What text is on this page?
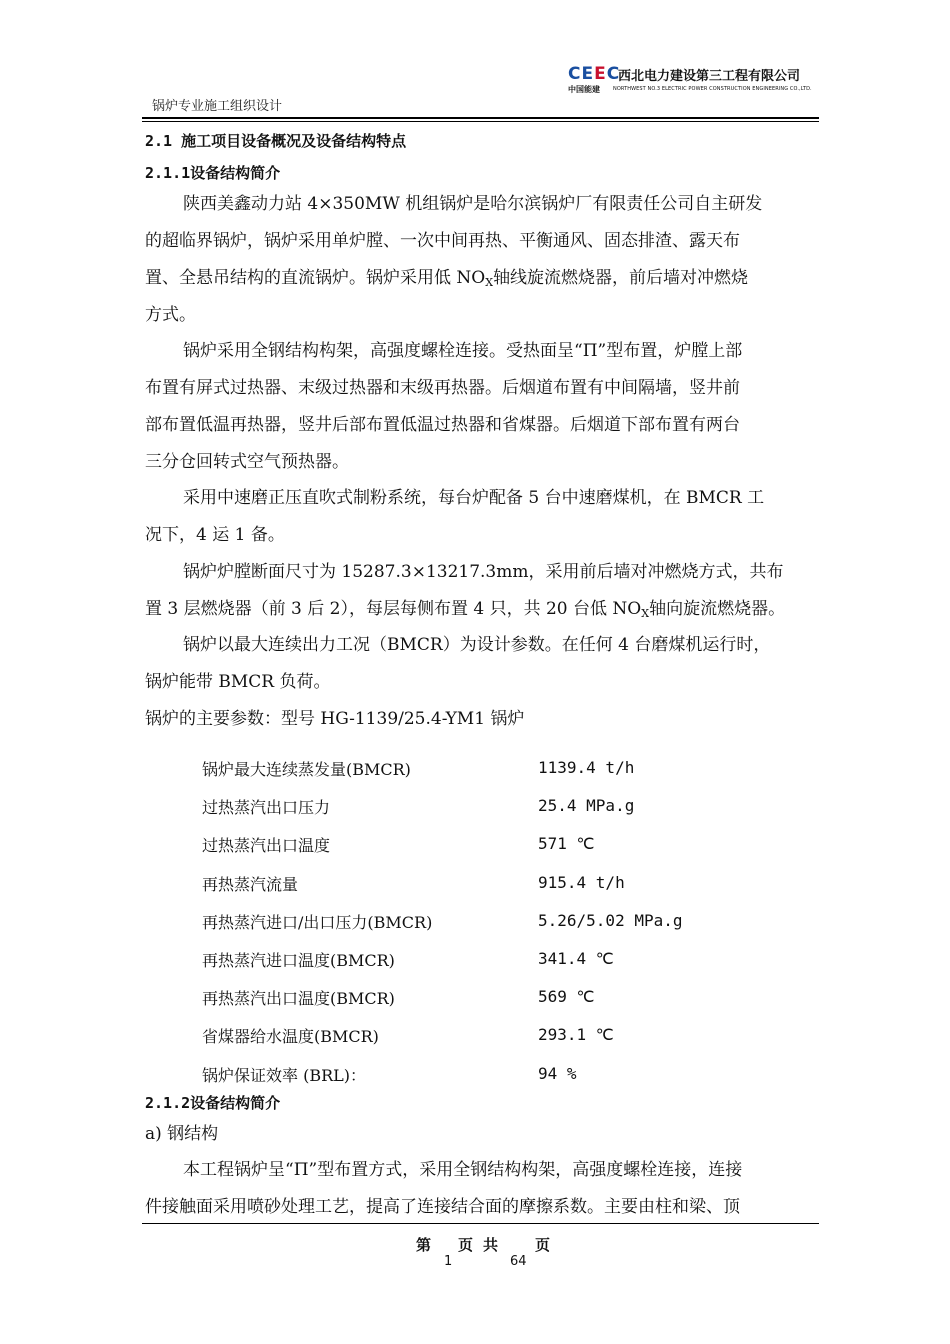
锅炉专业施工组织设计
CEEC
西北电力建设第三工程有限公司
中国能建	NORTHWEST NO.3 ELECTRIC POWER CONSTRUCTION ENGINEERING CO.,LTD.
2.1 施工项目设备概况及设备结构特点
2.1.1设备结构简介
陕西美鑫动力站 4×350MW 机组锅炉是哈尔滨锅炉厂有限责任公司自主研发
的超临界锅炉，锅炉采用单炉膛、一次中间再热、平衡通风、固态排渣、露天布
置、全悬吊结构的直流锅炉。锅炉采用低 $NO_X$轴线旋流燃烧器，前后墙对冲燃烧
方式。
锅炉采用全钢结构构架，高强度螺栓连接。受热面呈“Π”型布置，炉膛上部
布置有屏式过热器、末级过热器和末级再热器。后烟道布置有中间隔墙，竖井前
部布置低温再热器，竖井后部布置低温过热器和省煤器。后烟道下部布置有两台
三分仓回转式空气预热器。
采用中速磨正压直吹式制粉系统，每台炉配备 5 台中速磨煤机，在 BMCR 工
况下，4 运 1 备。
锅炉炉膛断面尺寸为 15287.3×13217.3mm，采用前后墙对冲燃烧方式，共布
置 3 层燃烧器（前 3 后 2），每层每侧布置 4 只，共 20 台低 $NO_X$轴向旋流燃烧器。
锅炉以最大连续出力工况（BMCR）为设计参数。在任何 4 台磨煤机运行时，
锅炉能带 BMCR 负荷。
锅炉的主要参数：型号 HG-1139/25.4-YM1 锅炉
锅炉最大连续蒸发量(BMCR)	1139.4 t/h
过热蒸汽出口压力	25.4 MPa.g
过热蒸汽出口温度	571 ℃
再热蒸汽流量	915.4 t/h
再热蒸汽进口/出口压力(BMCR)	5.26/5.02 MPa.g
再热蒸汽进口温度(BMCR)	341.4 ℃
再热蒸汽出口温度(BMCR)	569 ℃
省煤器给水温度(BMCR)	293.1 ℃
锅炉保证效率 (BRL)：	94 %
2.1.2设备结构简介
a) 钢结构
本工程锅炉呈“Π”型布置方式，采用全钢结构构架，高强度螺栓连接，连接
件接触面采用喷砂处理工艺，提高了连接结合面的摩擦系数。主要由柱和梁、顶
第 页 共 页
1	64
